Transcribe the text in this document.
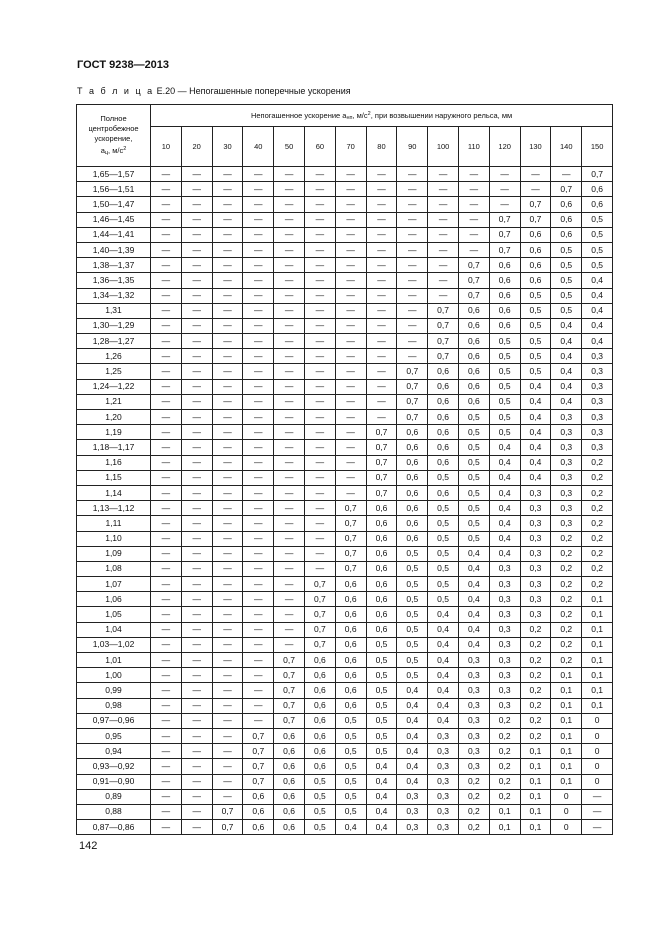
ГОСТ 9238—2013
Т а б л и ц а Е.20 — Непогашенные поперечные ускорения
Полное
центробежное
ускорение,
$a_ц$, $м/с^2$	Непогашенное ускорение $a_{нп}$, $м/с^2$, при возвышении наружного рельса, мм														
	10	20	30	40	50	60	70	80	90	100	110	120	130	140	150
1,65—1,57	—	—	—	—	—	—	—	—	—	—	—	—	—	—	0,7
1,56—1,51	—	—	—	—	—	—	—	—	—	—	—	—	—	0,7	0,6
1,50—1,47	—	—	—	—	—	—	—	—	—	—	—	—	0,7	0,6	0,6
1,46—1,45	—	—	—	—	—	—	—	—	—	—	—	0,7	0,7	0,6	0,5
1,44—1,41	—	—	—	—	—	—	—	—	—	—	—	0,7	0,6	0,6	0,5
1,40—1,39	—	—	—	—	—	—	—	—	—	—	—	0,7	0,6	0,5	0,5
1,38—1,37	—	—	—	—	—	—	—	—	—	—	0,7	0,6	0,6	0,5	0,5
1,36—1,35	—	—	—	—	—	—	—	—	—	—	0,7	0,6	0,6	0,5	0,4
1,34—1,32	—	—	—	—	—	—	—	—	—	—	0,7	0,6	0,5	0,5	0,4
1,31	—	—	—	—	—	—	—	—	—	0,7	0,6	0,6	0,5	0,5	0,4
1,30—1,29	—	—	—	—	—	—	—	—	—	0,7	0,6	0,6	0,5	0,4	0,4
1,28—1,27	—	—	—	—	—	—	—	—	—	0,7	0,6	0,5	0,5	0,4	0,4
1,26	—	—	—	—	—	—	—	—	—	0,7	0,6	0,5	0,5	0,4	0,3
1,25	—	—	—	—	—	—	—	—	0,7	0,6	0,6	0,5	0,5	0,4	0,3
1,24—1,22	—	—	—	—	—	—	—	—	0,7	0,6	0,6	0,5	0,4	0,4	0,3
1,21	—	—	—	—	—	—	—	—	0,7	0,6	0,6	0,5	0,4	0,4	0,3
1,20	—	—	—	—	—	—	—	—	0,7	0,6	0,5	0,5	0,4	0,3	0,3
1,19	—	—	—	—	—	—	—	0,7	0,6	0,6	0,5	0,5	0,4	0,3	0,3
1,18—1,17	—	—	—	—	—	—	—	0,7	0,6	0,6	0,5	0,4	0,4	0,3	0,3
1,16	—	—	—	—	—	—	—	0,7	0,6	0,6	0,5	0,4	0,4	0,3	0,2
1,15	—	—	—	—	—	—	—	0,7	0,6	0,5	0,5	0,4	0,4	0,3	0,2
1,14	—	—	—	—	—	—	—	0,7	0,6	0,6	0,5	0,4	0,3	0,3	0,2
1,13—1,12	—	—	—	—	—	—	0,7	0,6	0,6	0,5	0,5	0,4	0,3	0,3	0,2
1,11	—	—	—	—	—	—	0,7	0,6	0,6	0,5	0,5	0,4	0,3	0,3	0,2
1,10	—	—	—	—	—	—	0,7	0,6	0,6	0,5	0,5	0,4	0,3	0,2	0,2
1,09	—	—	—	—	—	—	0,7	0,6	0,5	0,5	0,4	0,4	0,3	0,2	0,2
1,08	—	—	—	—	—	—	0,7	0,6	0,5	0,5	0,4	0,3	0,3	0,2	0,2
1,07	—	—	—	—	—	0,7	0,6	0,6	0,5	0,5	0,4	0,3	0,3	0,2	0,2
1,06	—	—	—	—	—	0,7	0,6	0,6	0,5	0,5	0,4	0,3	0,3	0,2	0,1
1,05	—	—	—	—	—	0,7	0,6	0,6	0,5	0,4	0,4	0,3	0,3	0,2	0,1
1,04	—	—	—	—	—	0,7	0,6	0,6	0,5	0,4	0,4	0,3	0,2	0,2	0,1
1,03—1,02	—	—	—	—	—	0,7	0,6	0,5	0,5	0,4	0,4	0,3	0,2	0,2	0,1
1,01	—	—	—	—	0,7	0,6	0,6	0,5	0,5	0,4	0,3	0,3	0,2	0,2	0,1
1,00	—	—	—	—	0,7	0,6	0,6	0,5	0,5	0,4	0,3	0,3	0,2	0,1	0,1
0,99	—	—	—	—	0,7	0,6	0,6	0,5	0,4	0,4	0,3	0,3	0,2	0,1	0,1
0,98	—	—	—	—	0,7	0,6	0,6	0,5	0,4	0,4	0,3	0,3	0,2	0,1	0,1
0,97—0,96	—	—	—	—	0,7	0,6	0,5	0,5	0,4	0,4	0,3	0,2	0,2	0,1	0
0,95	—	—	—	0,7	0,6	0,6	0,5	0,5	0,4	0,3	0,3	0,2	0,2	0,1	0
0,94	—	—	—	0,7	0,6	0,6	0,5	0,5	0,4	0,3	0,3	0,2	0,1	0,1	0
0,93—0,92	—	—	—	0,7	0,6	0,6	0,5	0,4	0,4	0,3	0,3	0,2	0,1	0,1	0
0,91—0,90	—	—	—	0,7	0,6	0,5	0,5	0,4	0,4	0,3	0,2	0,2	0,1	0,1	0
0,89	—	—	—	0,6	0,6	0,5	0,5	0,4	0,3	0,3	0,2	0,2	0,1	0	—
0,88	—	—	0,7	0,6	0,6	0,5	0,5	0,4	0,3	0,3	0,2	0,1	0,1	0	—
0,87—0,86	—	—	0,7	0,6	0,6	0,5	0,4	0,4	0,3	0,3	0,2	0,1	0,1	0	—
142
